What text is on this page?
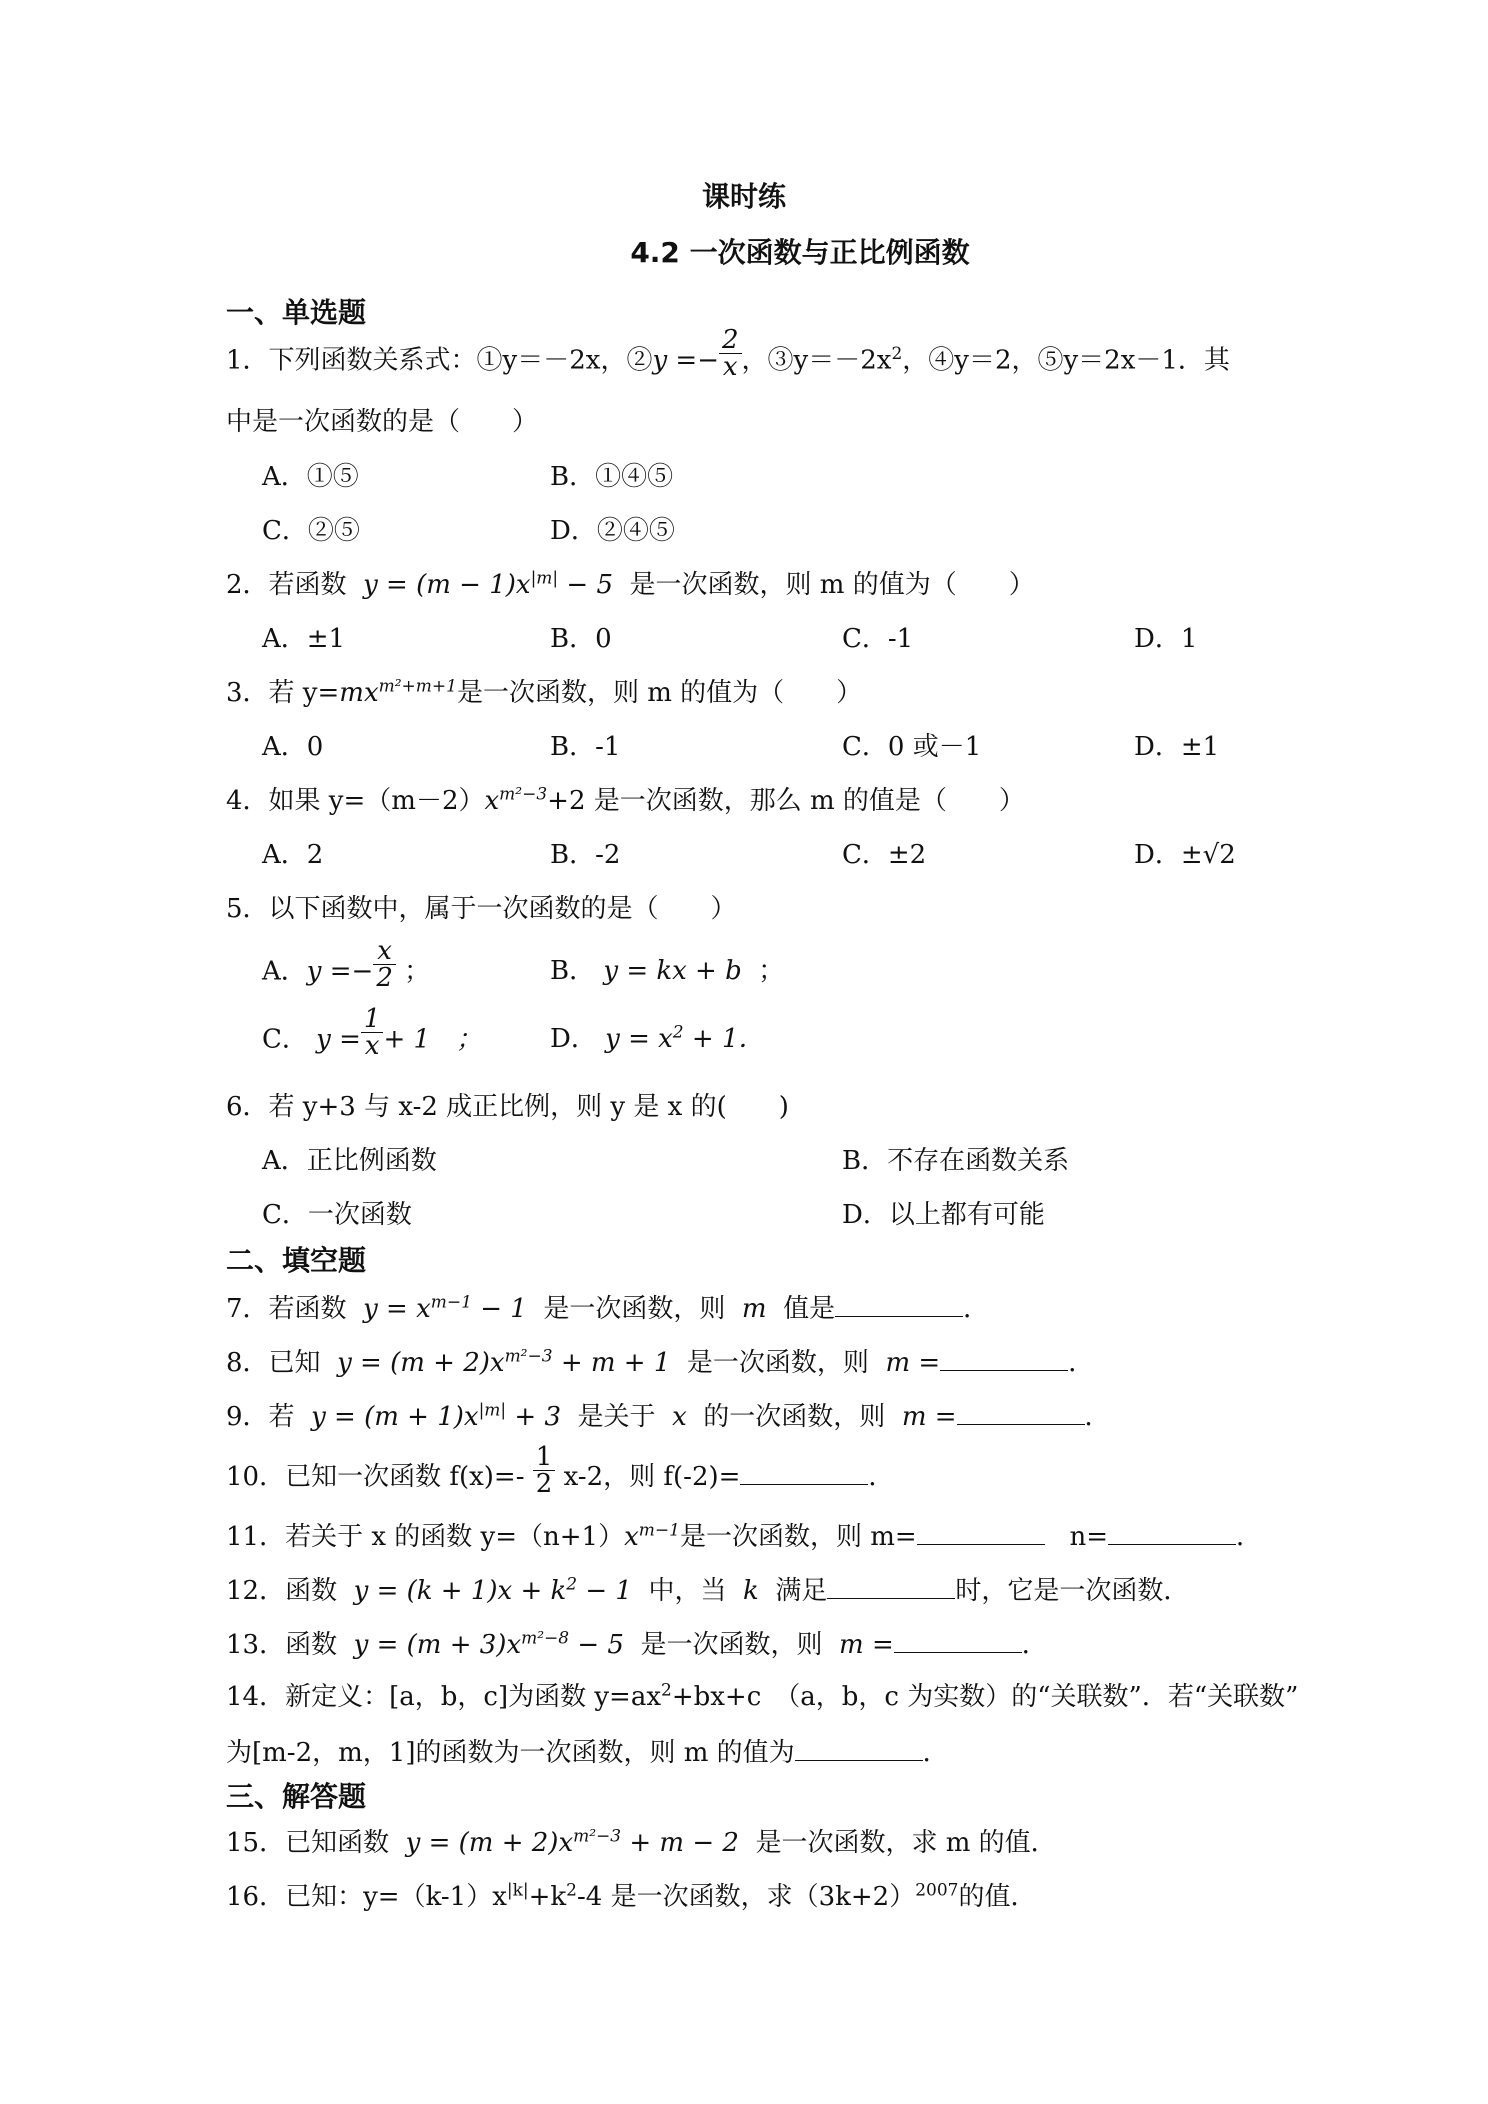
课时练
4.2 一次函数与正比例函数
一、单选题
1．下列函数关系式：①y＝－2x，②y =− $\frac{2}{x}$ ，$③y=-2x^2$，④y＝2，⑤y＝2x－1．其
中是一次函数的是（　　）
A．①⑤	B．①④⑤
C．②⑤	D．②④⑤
2．若函数 $y = (m - 1)x^{|m|} - 5$ 是一次函数，则 m 的值为（　　）
A．±1	B．0	C．-1	D．1
3．若 $y=mx^{m^2+m+1}$是一次函数，则 m 的值为（　　）
A．0	B．-1	C．0 或－1	D．±1
4．如果 $y=(m-2)x^{m^2-3}+2$ 是一次函数，那么 m 的值是（　　）
A．2	B．-2	C．±2	D．±√2
5．以下函数中，属于一次函数的是（　　）
A．$y =- \frac{x}{2}$ ；	B． y = kx + b ；
C． $y = \frac{1}{x} + 1$　；	D． $y = x^2 + 1$．
6．若 y+3 与 x-2 成正比例，则 y 是 x 的(　　)
A．正比例函数	B．不存在函数关系
C．一次函数	D．以上都有可能
二、填空题
7．若函数 $y = x^{m-1} - 1$ 是一次函数，则 m 值是	．
8．已知 $y = (m + 2)x^{m^2-3} + m + 1$ 是一次函数，则 m =	．
9．若 $y = (m + 1)x^{|m|} + 3$ 是关于 x 的一次函数，则 m =	．
10．已知一次函数 $f(x)=- \frac{1}{2} x-2$，则 f(-2)=	．
11．若关于 x 的函数 $y=(n+1)x^{m-1}$是一次函数，则 m=	n=	．
12．函数 $y = (k + 1)x + k^2 - 1$ 中，当 k 满足	时，它是一次函数．
13．函数 $y = (m + 3)x^{m^2-8} - 5$ 是一次函数，则 m =	．
14．新定义：[a，b，c]为函数 $y=ax^2+bx+c$　（a，b，c 为实数）的“关联数”．若“关联数”
为[m-2，m，1]的函数为一次函数，则 m 的值为	．
三、解答题
15．已知函数 $y = (m + 2)x^{m^2-3} + m - 2$ 是一次函数，求 m 的值．
16．已知：$y=(k-1)x^{|k|}+k^2-4$ 是一次函数，求$(3k+2)^{2007}$的值．
